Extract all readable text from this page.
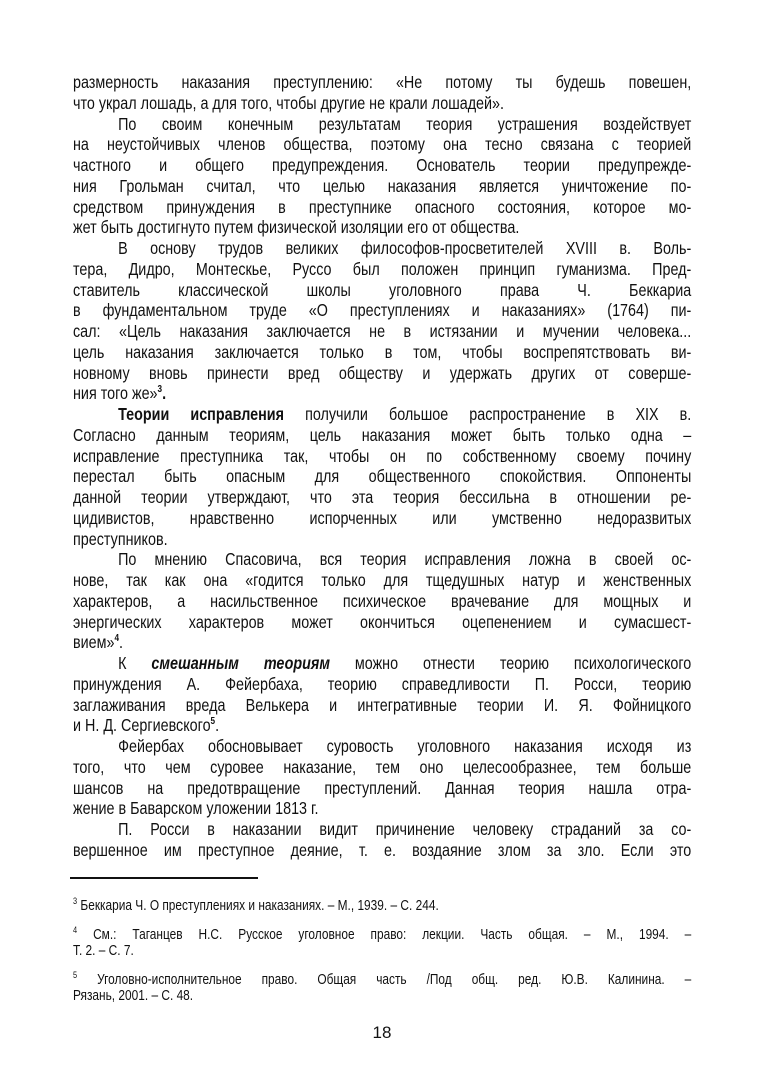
размерность наказания преступлению: «Не потому ты будешь повешен,
что украл лошадь, а для того, чтобы другие не крали лошадей».
По своим конечным результатам теория устрашения воздействует
на неустойчивых членов общества, поэтому она тесно связана с теорией
частного и общего предупреждения. Основатель теории предупрежде-
ния Грольман считал, что целью наказания является уничтожение по-
средством принуждения в преступнике опасного состояния, которое мо-
жет быть достигнуто путем физической изоляции его от общества.
В основу трудов великих философов-просветителей XVIII в. Воль-
тера, Дидро, Монтескье, Руссо был положен принцип гуманизма. Пред-
ставитель классической школы уголовного права Ч. Беккариа
в фундаментальном труде «О преступлениях и наказаниях» (1764) пи-
сал: «Цель наказания заключается не в истязании и мучении человека...
цель наказания заключается только в том, чтобы воспрепятствовать ви-
новному вновь принести вред обществу и удержать других от соверше-
ния того же»$^3$.
Теории исправления получили большое распространение в XIX в.
Согласно данным теориям, цель наказания может быть только одна –
исправление преступника так, чтобы он по собственному своему почину
перестал быть опасным для общественного спокойствия. Оппоненты
данной теории утверждают, что эта теория бессильна в отношении ре-
цидивистов, нравственно испорченных или умственно недоразвитых
преступников.
По мнению Спасовича, вся теория исправления ложна в своей ос-
нове, так как она «годится только для тщедушных натур и женственных
характеров, а насильственное психическое врачевание для мощных и
энергических характеров может окончиться оцепенением и сумасшест-
вием»$^4$.
К смешанным теориям можно отнести теорию психологического
принуждения А. Фейербаха, теорию справедливости П. Росси, теорию
заглаживания вреда Велькера и интегративные теории И. Я. Фойницкого
и Н. Д. Сергиевского$^5$.
Фейербах обосновывает суровость уголовного наказания исходя из
того, что чем суровее наказание, тем оно целесообразнее, тем больше
шансов на предотвращение преступлений. Данная теория нашла отра-
жение в Баварском уложении 1813 г.
П. Росси в наказании видит причинение человеку страданий за со-
вершенное им преступное деяние, т. е. воздаяние злом за зло. Если это
$^3$ Беккариа Ч. О преступлениях и наказаниях. – М., 1939. – С. 244.
$^4$ См.: Таганцев Н.С. Русское уголовное право: лекции. Часть общая. – М., 1994. –
Т. 2. – С. 7.
$^5$ Уголовно-исполнительное право. Общая часть /Под общ. ред. Ю.В. Калинина. –
Рязань, 2001. – С. 48.
18
